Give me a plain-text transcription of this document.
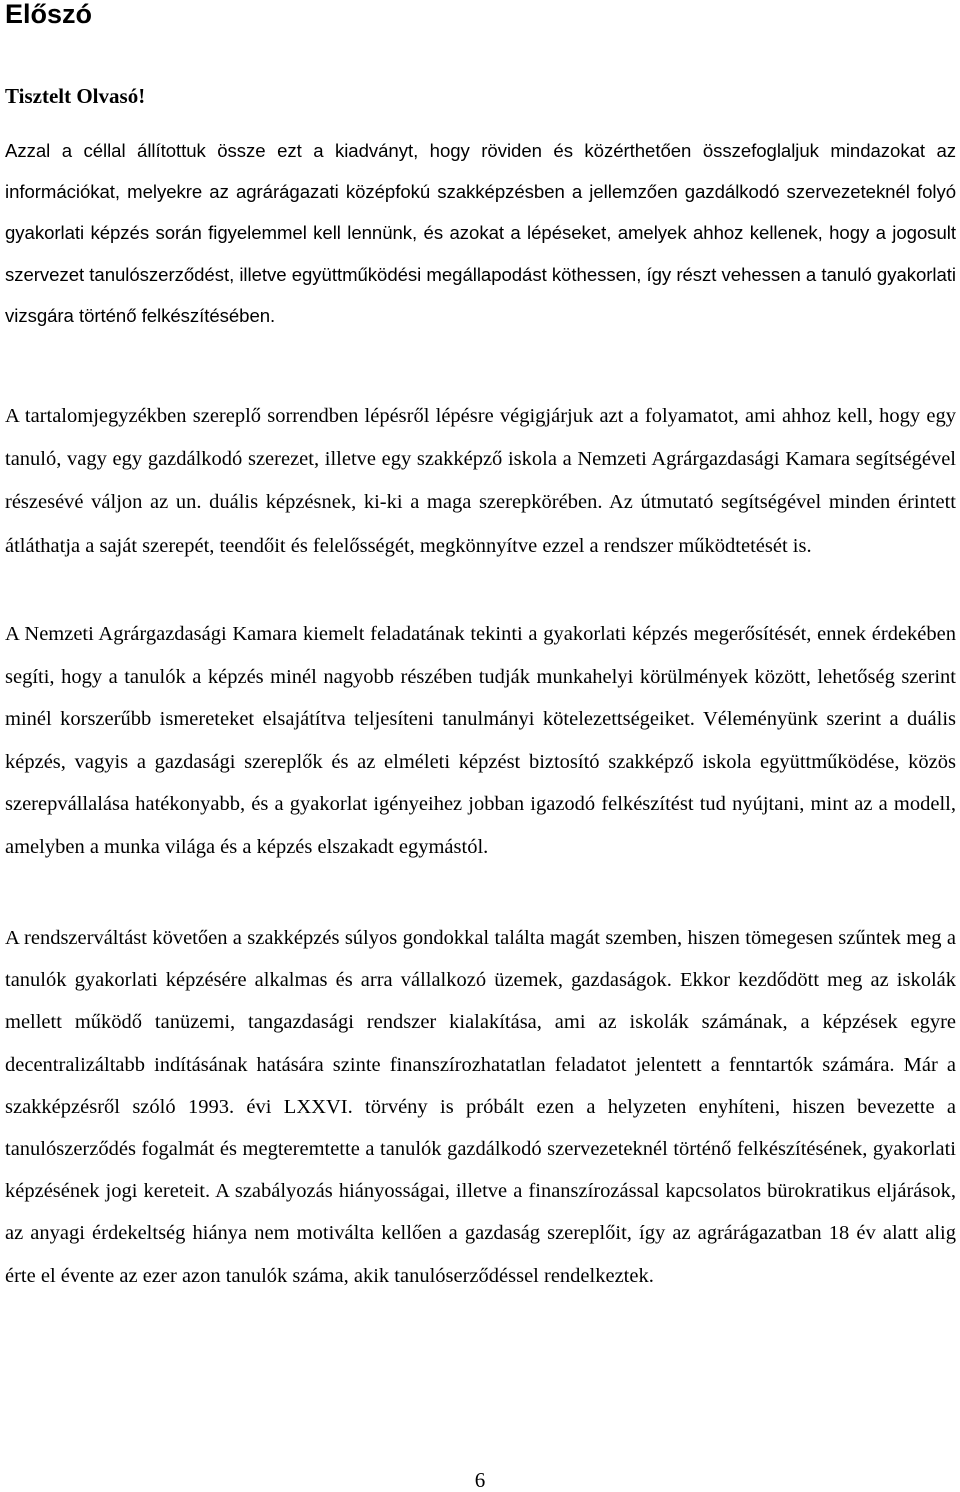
Előszó

Tisztelt Olvasó!

Azzal a céllal állítottuk össze ezt a kiadványt, hogy röviden és közérthetően összefoglaljuk mindazokat az információkat, melyekre az agrárágazati középfokú szakképzésben a jellemzően gazdálkodó szervezeteknél folyó gyakorlati képzés során figyelemmel kell lennünk, és azokat a lépéseket, amelyek ahhoz kellenek, hogy a jogosult szervezet tanulószerződést, illetve együttműködési megállapodást köthessen, így részt vehessen a tanuló gyakorlati vizsgára történő felkészítésében.

A tartalomjegyzékben szereplő sorrendben lépésről lépésre végigjárjuk azt a folyamatot, ami ahhoz kell, hogy egy tanuló, vagy egy gazdálkodó szerezet, illetve egy szakképző iskola a Nemzeti Agrárgazdasági Kamara segítségével részesévé váljon az un. duális képzésnek, ki-ki a maga szerepkörében. Az útmutató segítségével minden érintett átláthatja a saját szerepét, teendőit és felelősségét, megkönnyítve ezzel a rendszer működtetését is.

A Nemzeti Agrárgazdasági Kamara kiemelt feladatának tekinti a gyakorlati képzés megerősítését, ennek érdekében segíti, hogy a tanulók a képzés minél nagyobb részében tudják munkahelyi körülmények között, lehetőség szerint minél korszerűbb ismereteket elsajátítva teljesíteni tanulmányi kötelezettségeiket. Véleményünk szerint a duális képzés, vagyis a gazdasági szereplők és az elméleti képzést biztosító szakképző iskola együttműködése, közös szerepvállalása hatékonyabb, és a gyakorlat igényeihez jobban igazodó felkészítést tud nyújtani, mint az a modell, amelyben a munka világa és a képzés elszakadt egymástól.

A rendszerváltást követően a szakképzés súlyos gondokkal találta magát szemben, hiszen tömegesen szűntek meg a tanulók gyakorlati képzésére alkalmas és arra vállalkozó üzemek, gazdaságok. Ekkor kezdődött meg az iskolák mellett működő tanüzemi, tangazdasági rendszer kialakítása, ami az iskolák számának, a képzések egyre decentralizáltabb indításának hatására szinte finanszírozhatatlan feladatot jelentett a fenntartók számára. Már a szakképzésről szóló 1993. évi LXXVI. törvény is próbált ezen a helyzeten enyhíteni, hiszen bevezette a tanulószerződés fogalmát és megteremtette a tanulók gazdálkodó szervezeteknél történő felkészítésének, gyakorlati képzésének jogi kereteit. A szabályozás hiányosságai, illetve a finanszírozással kapcsolatos bürokratikus eljárások, az anyagi érdekeltség hiánya nem motiválta kellően a gazdaság szereplőit, így az agrárágazatban 18 év alatt alig érte el évente az ezer azon tanulók száma, akik tanulóserződéssel rendelkeztek.

6
